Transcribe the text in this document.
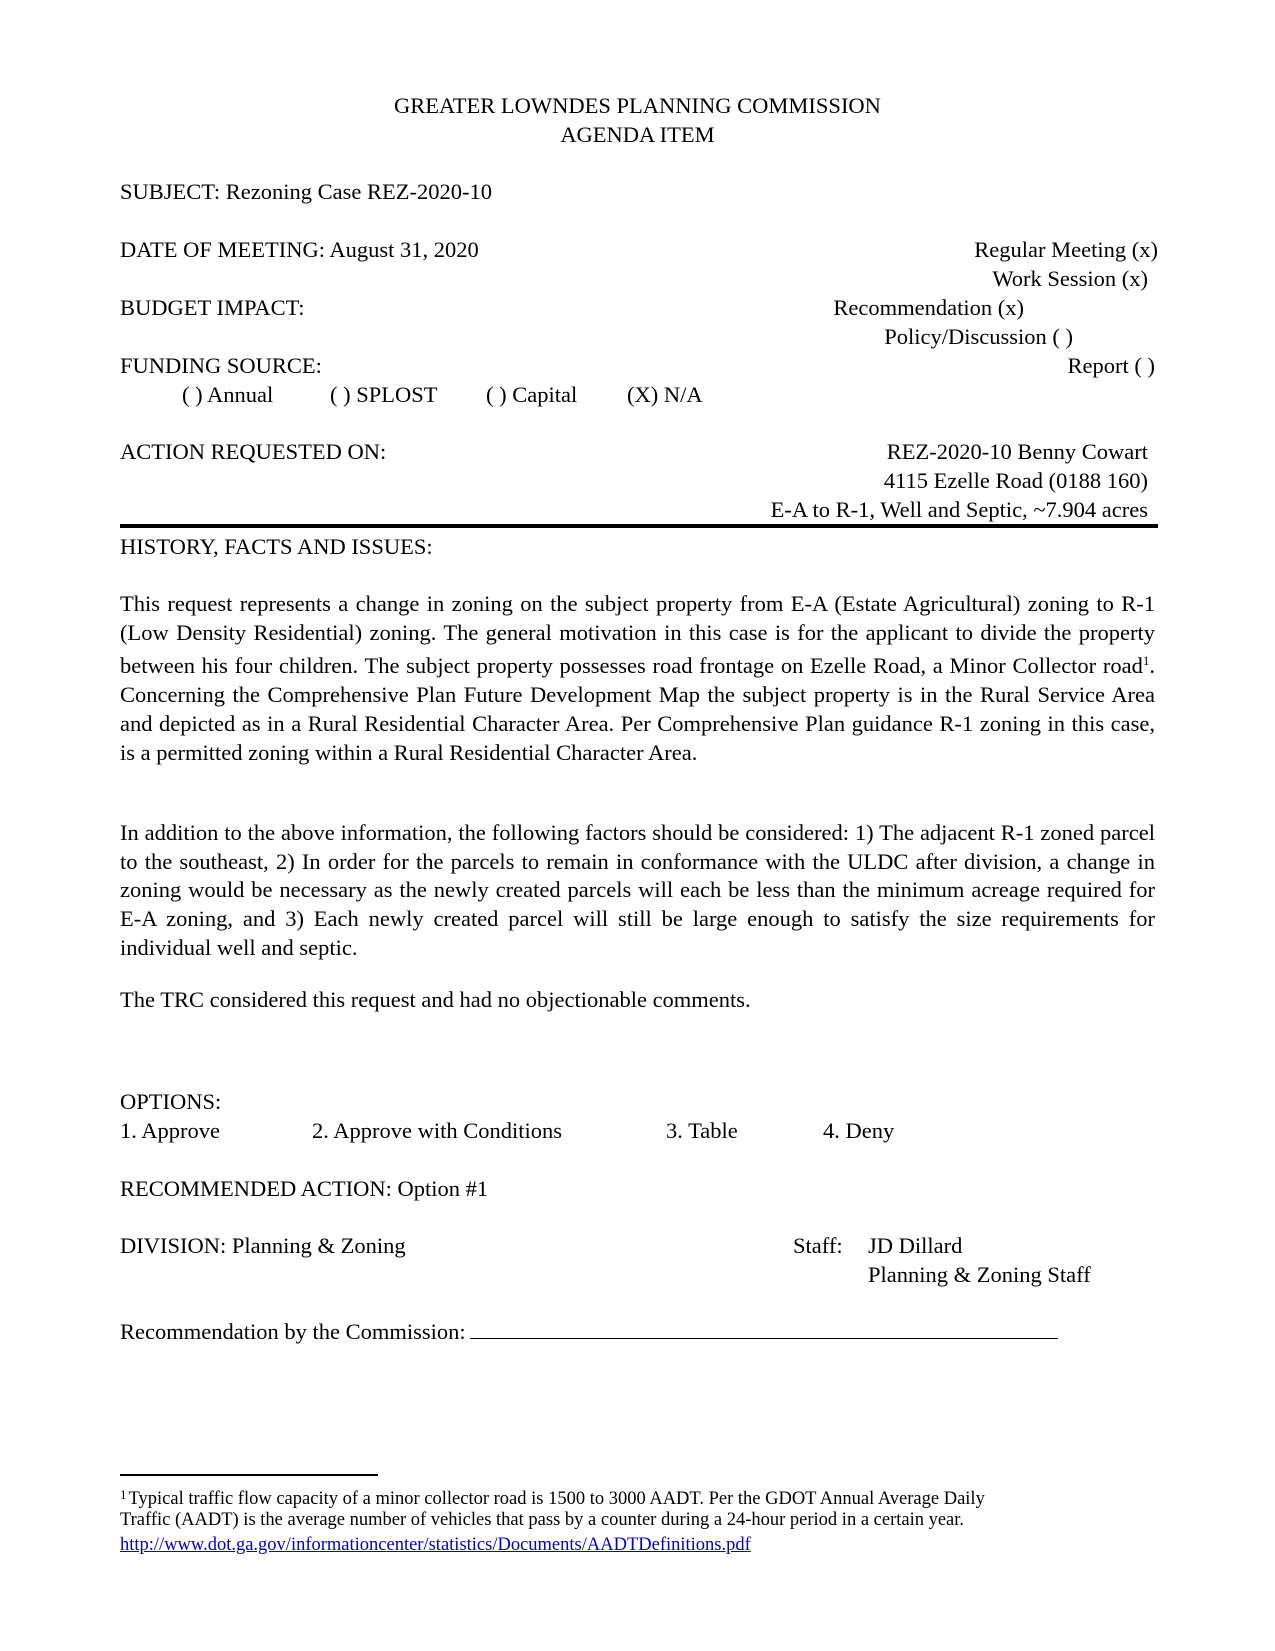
GREATER LOWNDES PLANNING COMMISSION
AGENDA ITEM
SUBJECT: Rezoning Case REZ-2020-10
DATE OF MEETING: August 31, 2020
BUDGET IMPACT:
FUNDING SOURCE:
( ) Annual	( ) SPLOST ( ) Capital (X) N/A
Regular Meeting (x)
Work Session (x)
Recommendation (x)
Policy/Discussion ( )
Report ( )
ACTION REQUESTED ON:	REZ-2020-10 Benny Cowart
4115 Ezelle Road (0188 160)
E-A to R-1, Well and Septic, ~7.904 acres
HISTORY, FACTS AND ISSUES:
This request represents a change in zoning on the subject property from E-A (Estate Agricultural) zoning to R-1 (Low Density Residential) zoning. The general motivation in this case is for the applicant to divide the property between his four children. The subject property possesses road frontage on Ezelle Road, a Minor Collector road$^1$. Concerning the Comprehensive Plan Future Development Map the subject property is in the Rural Service Area and depicted as in a Rural Residential Character Area. Per Comprehensive Plan guidance R-1 zoning in this case, is a permitted zoning within a Rural Residential Character Area.
In addition to the above information, the following factors should be considered: 1) The adjacent R-1 zoned parcel to the southeast, 2) In order for the parcels to remain in conformance with the ULDC after division, a change in zoning would be necessary as the newly created parcels will each be less than the minimum acreage required for E-A zoning, and 3) Each newly created parcel will still be large enough to satisfy the size requirements for individual well and septic.
The TRC considered this request and had no objectionable comments.
OPTIONS:
1. Approve	2. Approve with Conditions	3. Table	4. Deny
RECOMMENDED ACTION: Option #1
DIVISION: Planning & Zoning	Staff: JD Dillard
Planning & Zoning Staff
Recommendation by the Commission:
$^1$ Typical traffic flow capacity of a minor collector road is 1500 to 3000 AADT. Per the GDOT Annual Average Daily
Traffic (AADT) is the average number of vehicles that pass by a counter during a 24-hour period in a certain year.
http://www.dot.ga.gov/informationcenter/statistics/Documents/AADTDefinitions.pdf
